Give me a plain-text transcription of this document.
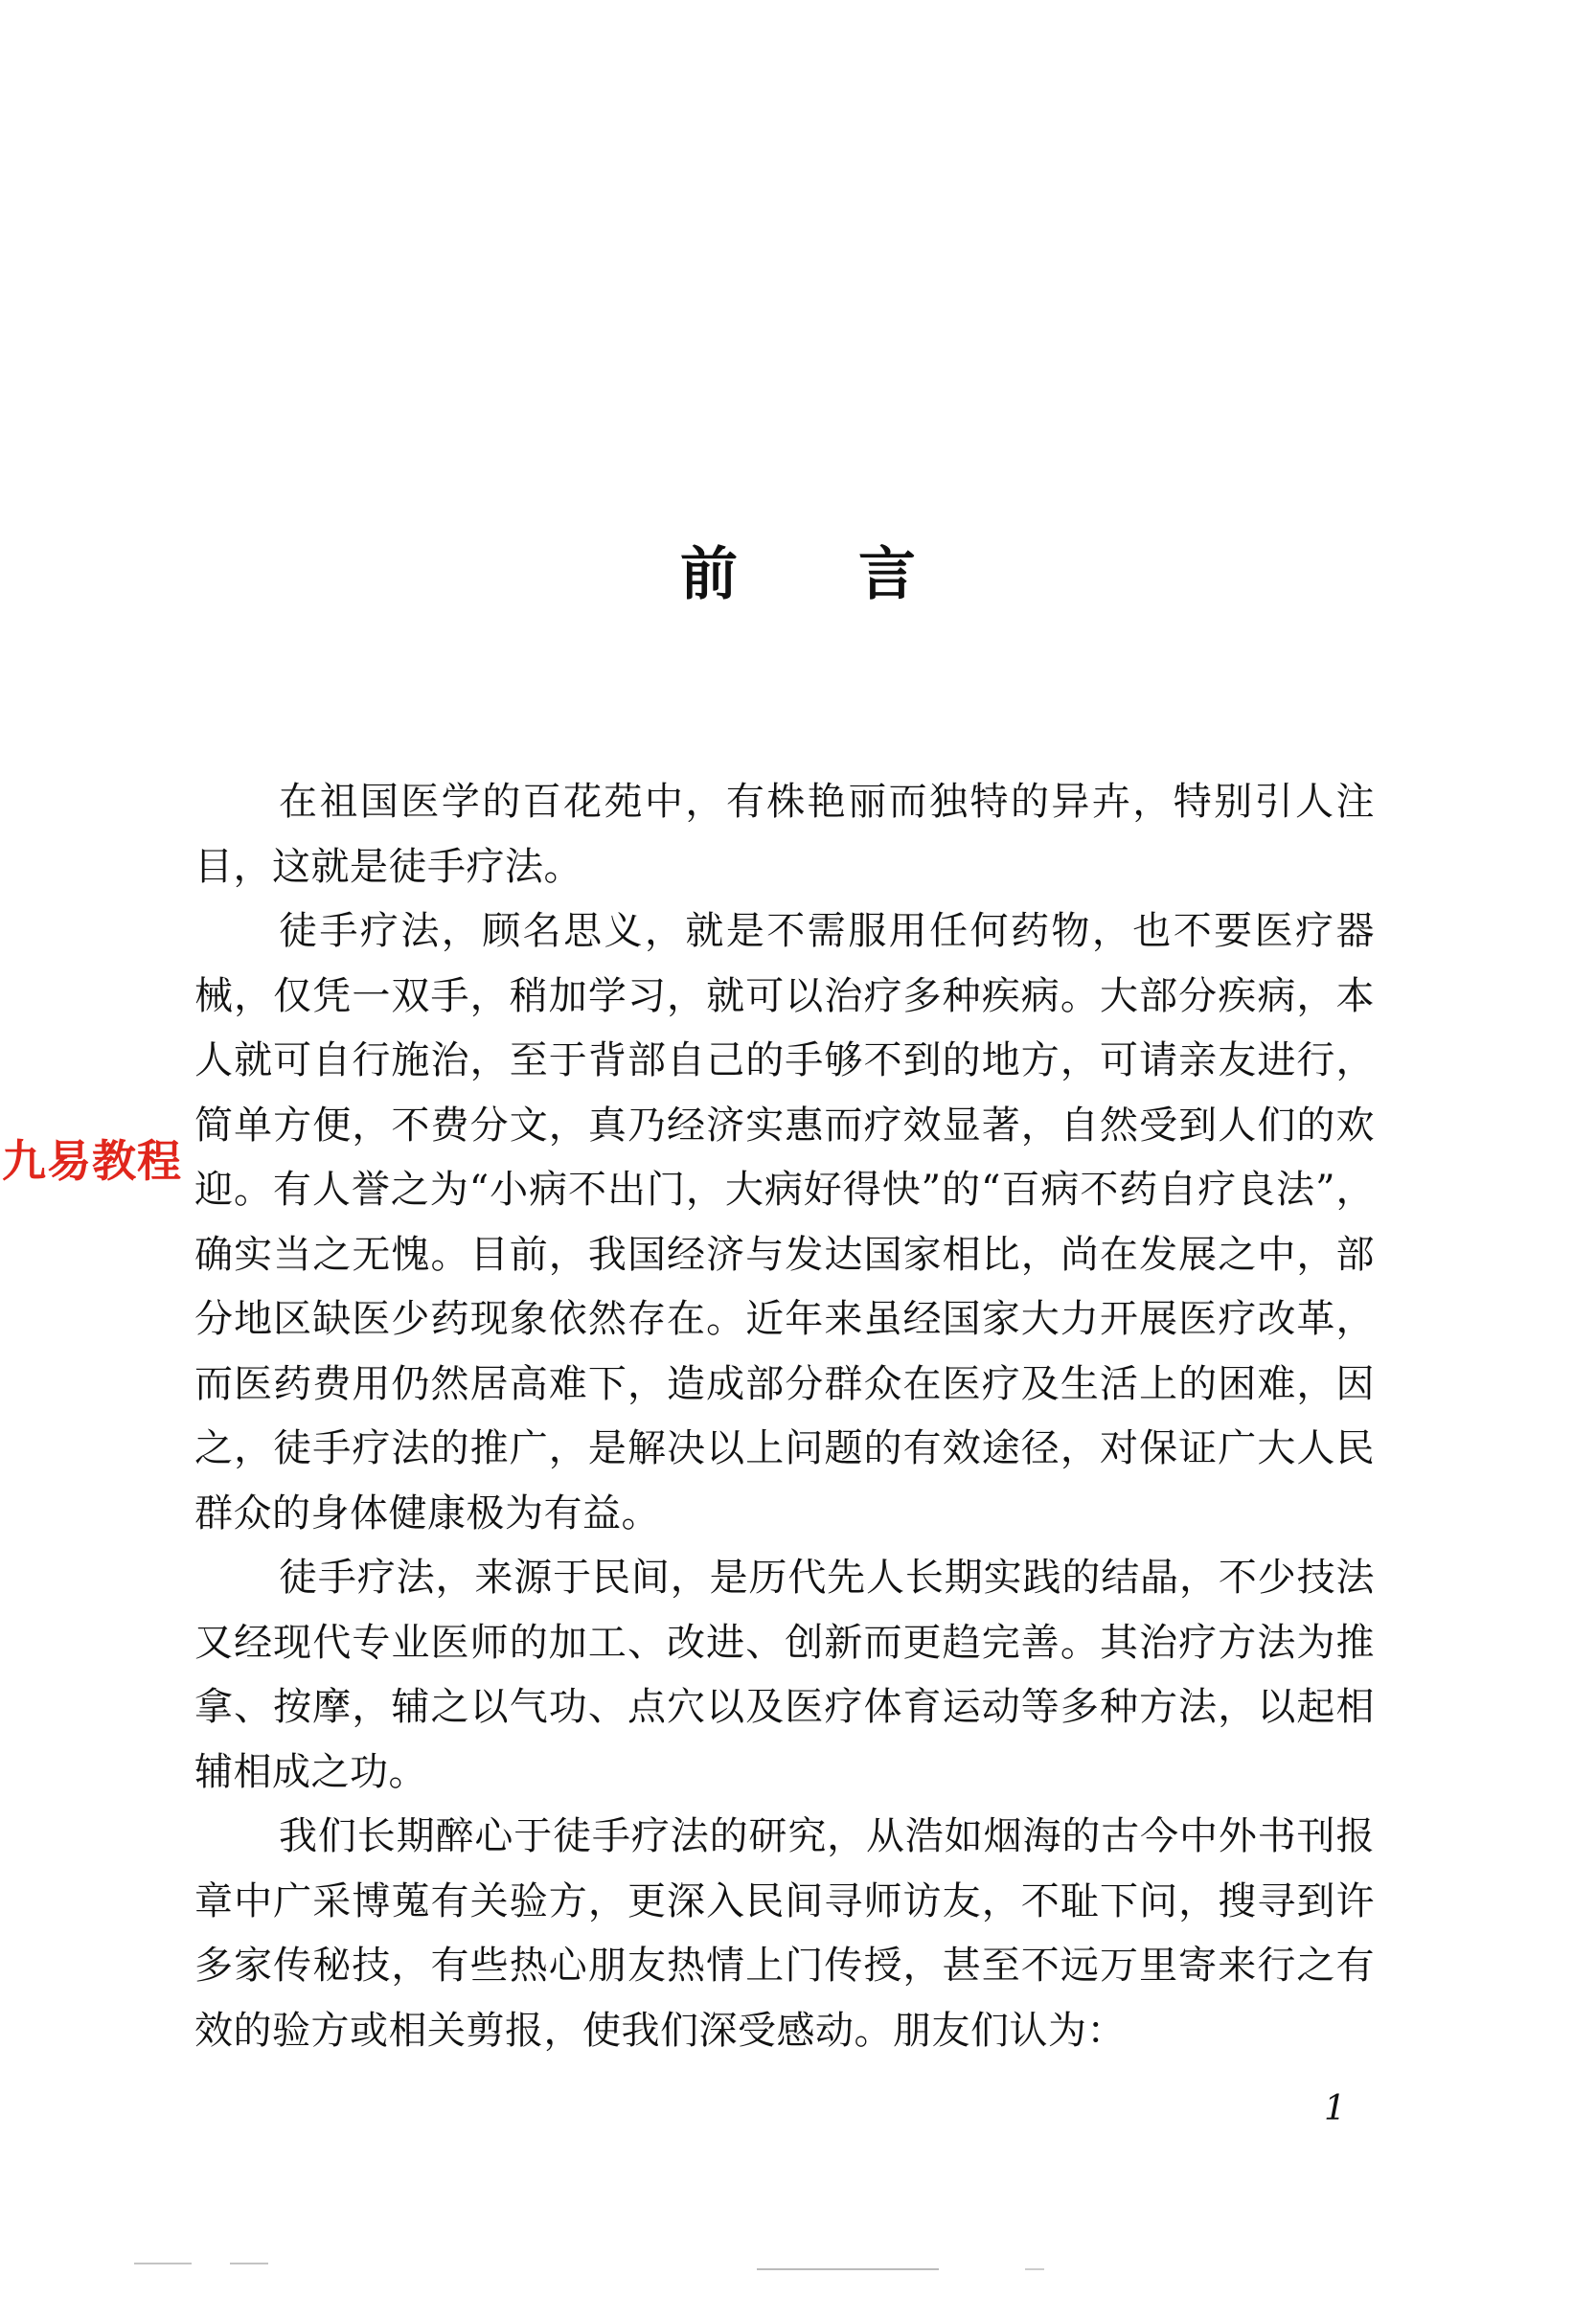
前 言

在祖国医学的百花苑中，有株艳丽而独特的异卉，特别引人注目，这就是徒手疗法。

徒手疗法，顾名思义，就是不需服用任何药物，也不要医疗器械，仅凭一双手，稍加学习，就可以治疗多种疾病。大部分疾病，本人就可自行施治，至于背部自己的手够不到的地方，可请亲友进行，简单方便，不费分文，真乃经济实惠而疗效显著，自然受到人们的欢迎。有人誉之为“小病不出门，大病好得快”的“百病不药自疗良法”，确实当之无愧。目前，我国经济与发达国家相比，尚在发展之中，部分地区缺医少药现象依然存在。近年来虽经国家大力开展医疗改革，而医药费用仍然居高难下，造成部分群众在医疗及生活上的困难，因之，徒手疗法的推广，是解决以上问题的有效途径，对保证广大人民群众的身体健康极为有益。

徒手疗法，来源于民间，是历代先人长期实践的结晶，不少技法又经现代专业医师的加工、改进、创新而更趋完善。其治疗方法为推拿、按摩，辅之以气功、点穴以及医疗体育运动等多种方法，以起相辅相成之功。

我们长期醉心于徒手疗法的研究，从浩如烟海的古今中外书刊报章中广采博蒐有关验方，更深入民间寻师访友，不耻下问，搜寻到许多家传秘技，有些热心朋友热情上门传授，甚至不远万里寄来行之有效的验方或相关剪报，使我们深受感动。朋友们认为：

九易教程
1
